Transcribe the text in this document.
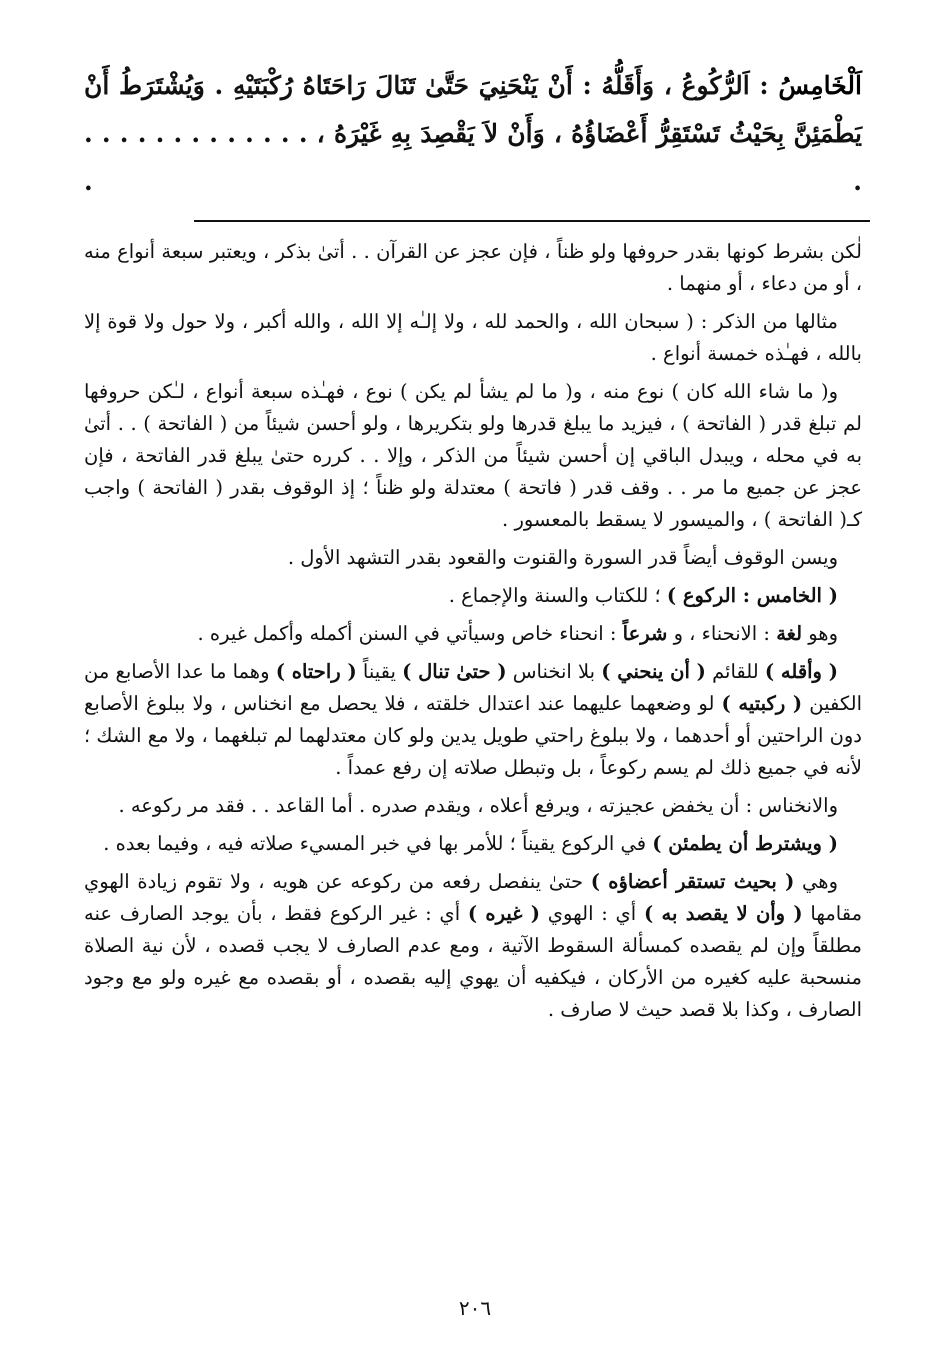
اَلْخَامِسُ : اَلرُّكُوعُ ، وَأَقَلُّهُ : أَنْ يَنْحَنِيَ حَتَّىٰ تَنَالَ رَاحَتَاهُ رُكْبَتَيْهِ . وَيُشْتَرَطُ أَنْ
يَطْمَئِنَّ بِحَيْثُ تَسْتَقِرُّ أَعْضَاؤُهُ ، وَأَنْ لاَ يَقْصِدَ بِهِ غَيْرَهُ ، . . . . . . . . . . . . . . .

لٰكن بشرط كونها بقدر حروفها ولو ظناً ، فإن عجز عن القرآن . . أتىٰ بذكر ، ويعتبر سبعة أنواع منه ، أو من دعاء ، أو منهما .

مثالها من الذكر : ( سبحان الله ، والحمد لله ، ولا إلـٰه إلا الله ، والله أكبر ، ولا حول ولا قوة إلا بالله ، فهـٰذه خمسة أنواع .

و( ما شاء الله كان ) نوع منه ، و( ما لم يشأ لم يكن ) نوع ، فهـٰذه سبعة أنواع ، لـٰكن حروفها لم تبلغ قدر ( الفاتحة ) ، فيزيد ما يبلغ قدرها ولو بتكريرها ، ولو أحسن شيئاً من ( الفاتحة ) . . أتىٰ به في محله ، ويبدل الباقي إن أحسن شيئاً من الذكر ، وإلا . . كرره حتىٰ يبلغ قدر الفاتحة ، فإن عجز عن جميع ما مر . . وقف قدر ( فاتحة ) معتدلة ولو ظناً ؛ إذ الوقوف بقدر ( الفاتحة ) واجب كـ( الفاتحة ) ، والميسور لا يسقط بالمعسور .

ويسن الوقوف أيضاً قدر السورة والقنوت والقعود بقدر التشهد الأول .

( الخامس : الركوع ) ؛ للكتاب والسنة والإجماع .

وهو لغة : الانحناء ، و شرعاً : انحناء خاص وسيأتي في السنن أكمله وأكمل غيره .

( وأقله ) للقائم ( أن ينحني ) بلا انخناس ( حتىٰ تنال ) يقيناً ( راحتاه ) وهما ما عدا الأصابع من الكفين ( ركبتيه ) لو وضعهما عليهما عند اعتدال خلقته ، فلا يحصل مع انخناس ، ولا ببلوغ الأصابع دون الراحتين أو أحدهما ، ولا ببلوغ راحتي طويل يدين ولو كان معتدلهما لم تبلغهما ، ولا مع الشك ؛ لأنه في جميع ذلك لم يسم ركوعاً ، بل وتبطل صلاته إن رفع عمداً .

والانخناس : أن يخفض عجيزته ، ويرفع أعلاه ، ويقدم صدره . أما القاعد . . فقد مر ركوعه .

( ويشترط أن يطمئن ) في الركوع يقيناً ؛ للأمر بها في خبر المسيء صلاته فيه ، وفيما بعده .

وهي ( بحيث تستقر أعضاؤه ) حتىٰ ينفصل رفعه من ركوعه عن هويه ، ولا تقوم زيادة الهوي مقامها ( وأن لا يقصد به ) أي : الهوي ( غيره ) أي : غير الركوع فقط ، بأن يوجد الصارف عنه مطلقاً وإن لم يقصده كمسألة السقوط الآتية ، ومع عدم الصارف لا يجب قصده ، لأن نية الصلاة منسحبة عليه كغيره من الأركان ، فيكفيه أن يهوي إليه بقصده ، أو بقصده مع غيره ولو مع وجود الصارف ، وكذا بلا قصد حيث لا صارف .

٢٠٦
